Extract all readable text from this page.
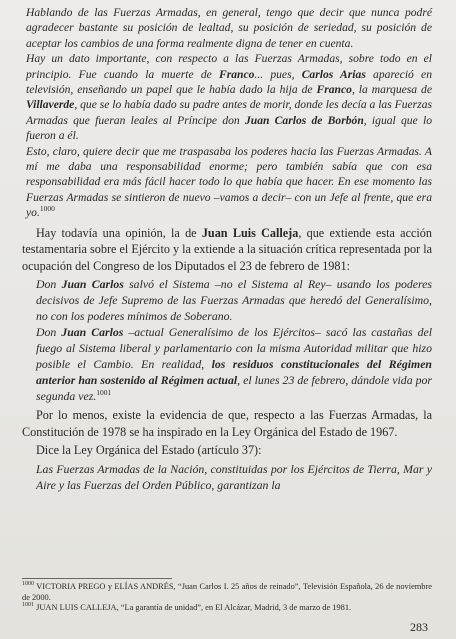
Hablando de las Fuerzas Armadas, en general, tengo que decir que nunca podré agradecer bastante su posición de lealtad, su posición de seriedad, su posición de aceptar los cambios de una forma realmente digna de tener en cuenta.

Hay un dato importante, con respecto a las Fuerzas Armadas, sobre todo en el principio. Fue cuando la muerte de Franco... pues, Carlos Arias apareció en televisión, enseñando un papel que le había dado la hija de Franco, la marquesa de Villaverde, que se lo había dado su padre antes de morir, donde les decía a las Fuerzas Armadas que fueran leales al Príncipe don Juan Carlos de Borbón, igual que lo fueron a él.

Esto, claro, quiere decir que me traspasaba los poderes hacia las Fuerzas Armadas. A mí me daba una responsabilidad enorme; pero también sabía que con esa responsabilidad era más fácil hacer todo lo que había que hacer. En ese momento las Fuerzas Armadas se sintieron de nuevo –vamos a decir– con un Jefe al frente, que era yo.$^{1000}$

Hay todavía una opinión, la de Juan Luis Calleja, que extiende esta acción testamentaria sobre el Ejército y la extiende a la situación crítica representada por la ocupación del Congreso de los Diputados el 23 de febrero de 1981:

Don Juan Carlos salvó el Sistema –no el Sistema al Rey– usando los poderes decisivos de Jefe Supremo de las Fuerzas Armadas que heredó del Generalísimo, no con los poderes mínimos de Soberano.

Don Juan Carlos –actual Generalísimo de los Ejércitos– sacó las castañas del fuego al Sistema liberal y parlamentario con la misma Autoridad militar que hizo posible el Cambio. En realidad, los residuos constitucionales del Régimen anterior han sostenido al Régimen actual, el lunes 23 de febrero, dándole vida por segunda vez.$^{1001}$

Por lo menos, existe la evidencia de que, respecto a las Fuerzas Armadas, la Constitución de 1978 se ha inspirado en la Ley Orgánica del Estado de 1967.

Dice la Ley Orgánica del Estado (artículo 37):

Las Fuerzas Armadas de la Nación, constituidas por los Ejércitos de Tierra, Mar y Aire y las Fuerzas del Orden Público, garantizan la

$^{1000}$ VICTORIA PREGO y ELÍAS ANDRÉS, “Juan Carlos I. 25 años de reinado”, Televisión Española, 26 de noviembre de 2000.

$^{1001}$ JUAN LUIS CALLEJA, “La garantía de unidad”, en El Alcázar, Madrid, 3 de marzo de 1981.

283
